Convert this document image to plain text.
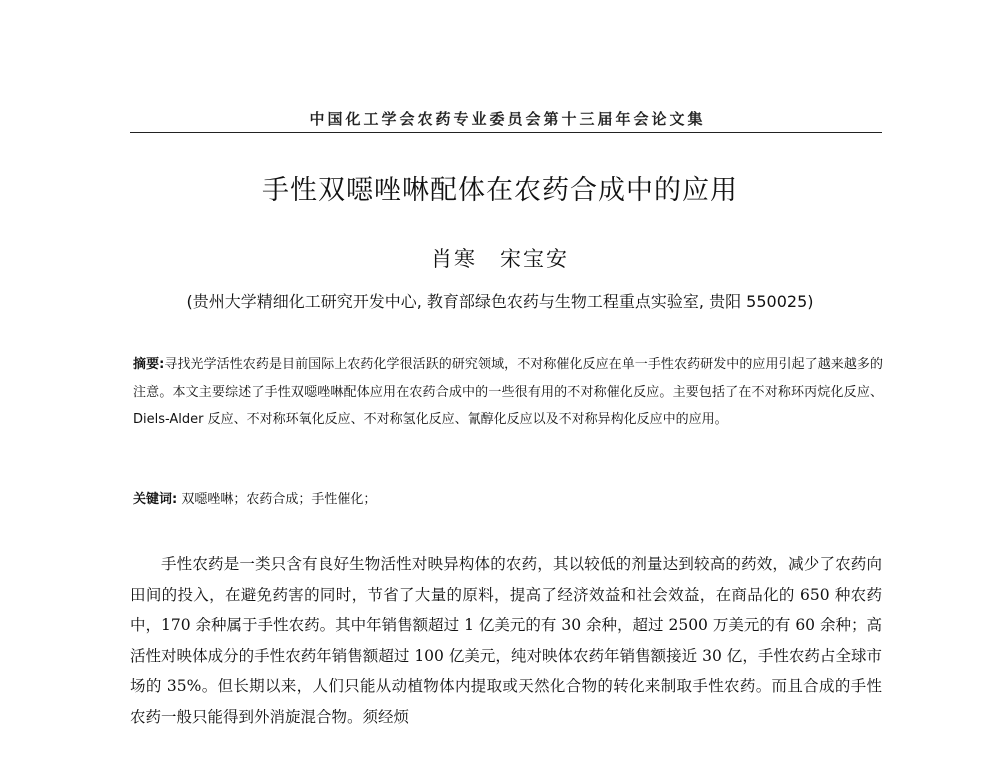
中国化工学会农药专业委员会第十三届年会论文集
手性双噁唑啉配体在农药合成中的应用
肖寒　宋宝安
(贵州大学精细化工研究开发中心, 教育部绿色农药与生物工程重点实验室, 贵阳 550025)
摘要:寻找光学活性农药是目前国际上农药化学很活跃的研究领域，不对称催化反应在单一手性农药研发中的应用引起了越来越多的注意。本文主要综述了手性双噁唑啉配体应用在农药合成中的一些很有用的不对称催化反应。主要包括了在不对称环丙烷化反应、Diels-Alder 反应、不对称环氧化反应、不对称氢化反应、氰醇化反应以及不对称异构化反应中的应用。
关键词: 双噁唑啉；农药合成；手性催化；
手性农药是一类只含有良好生物活性对映异构体的农药，其以较低的剂量达到较高的药效，减少了农药向田间的投入，在避免药害的同时，节省了大量的原料，提高了经济效益和社会效益，在商品化的 650 种农药中，170 余种属于手性农药。其中年销售额超过 1 亿美元的有 30 余种，超过 2500 万美元的有 60 余种；高活性对映体成分的手性农药年销售额超过 100 亿美元，纯对映体农药年销售额接近 30 亿，手性农药占全球市场的 35%。但长期以来，人们只能从动植物体内提取或天然化合物的转化来制取手性农药。而且合成的手性农药一般只能得到外消旋混合物。须经烦
